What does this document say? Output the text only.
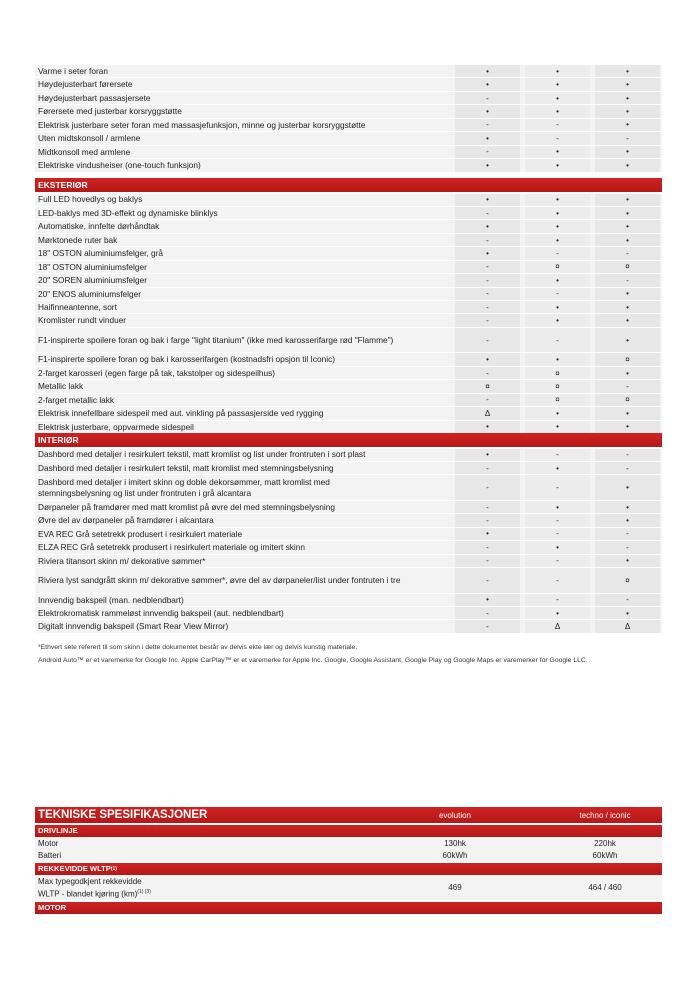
Varme i seter foran	•	•	•
Høydejusterbart førersete	•	•	•
Høydejusterbart passasjersete	-	•	•
Førersete med justerbar korsryggstøtte	•	•	•
Elektrisk justerbare seter foran med massasjefunksjon, minne og justerbar korsryggstøtte	-	-	•
Uten midtskonsoll / armlene	•	-	-
Midtkonsoll med armlene	-	•	•
Elektriske vindusheiser (one-touch funksjon)	•	•	•
EKSTERIØR
Full LED hovedlys og baklys	•	•	•
LED-baklys med 3D-effekt og dynamiske blinklys	-	•	•
Automatiske, innfelte dørhåndtak	•	•	•
Mørktonede ruter bak	-	•	•
18" OSTON aluminiumsfelger, grå	•	-	-
18" OSTON aluminiumsfelger	-	¤	¤
20" SOREN aluminiumsfelger	-	•	-
20" ENOS aluminiumsfelger	-	-	•
Haifinneantenne, sort	-	•	•
Kromlister rundt vinduer	-	•	•
F1-inspirerte spoilere foran og bak i farge "light titanium" (ikke med karosserifarge rød "Flamme")	-	-	•
F1-inspirerte spoilere foran og bak i karosserifargen (kostnadsfri opsjon til Iconic)	•	•	¤
2-farget karosseri (egen farge på tak, takstolper og sidespeilhus)	-	¤	•
Metallic lakk	¤	¤	-
2-farget metallic lakk	-	¤	¤
Elektrisk innefellbare sidespeil med aut. vinkling på passasjerside ved rygging	Δ	•	•
Elektrisk justerbare, oppvarmede sidespeil	•	•	•
INTERIØR
Dashbord med detaljer i resirkulert tekstil, matt kromlist og list under frontruten i sort plast	•	-	-
Dashbord med detaljer i resirkulert tekstil, matt kromlist med stemningsbelysning	-	•	-
Dashbord med detaljer i imitert skinn og doble dekorsømmer, matt kromlist med stemningsbelysning og list under frontruten i grå alcantara	-	-	•
Dørpaneler på framdører med matt kromlist på øvre del med stemningsbelysning	-	•	•
Øvre del av dørpaneler på framdører i alcantara	-	-	•
EVA REC Grå setetrekk produsert i resirkulert materiale	•	-	-
ELZA REC Grå setetrekk produsert i resirkulert materiale og imitert skinn	-	•	-
Riviera titansort skinn m/ dekorative sømmer*	-	-	•
Riviera lyst sandgrått skinn m/ dekorative sømmer*, øvre del av dørpaneler/list under fontruten i tre	-	-	¤
Innvendig bakspeil (man. nedblendbart)	•	-	-
Elektrokromatisk rammeløst innvendig bakspeil (aut. nedblendbart)	-	•	•
Digitalt innvendig bakspeil (Smart Rear View Mirror)	-	Δ	Δ
*Ethvert sete referert til som skinn i dette dokumentet består av delvis ekte lær og delvis kunstig materiale.
Android Auto™ er et varemerke for Google Inc. Apple CarPlay™ er et varemerke for Apple Inc. Google, Google Assistant, Google Play og Google Maps er varemerker for Google LLC.
TEKNISKE SPESIFIKASJONER	evolution	techno / iconic
DRIVLINJE
Motor	130hk	220hk
Batteri	60kWh	60kWh
REKKEVIDDE WLTP (1)
Max typegodkjent rekkevidde
WLTP - blandet kjøring (km)$^{(1) (3)}$	469	464 / 460
MOTOR
